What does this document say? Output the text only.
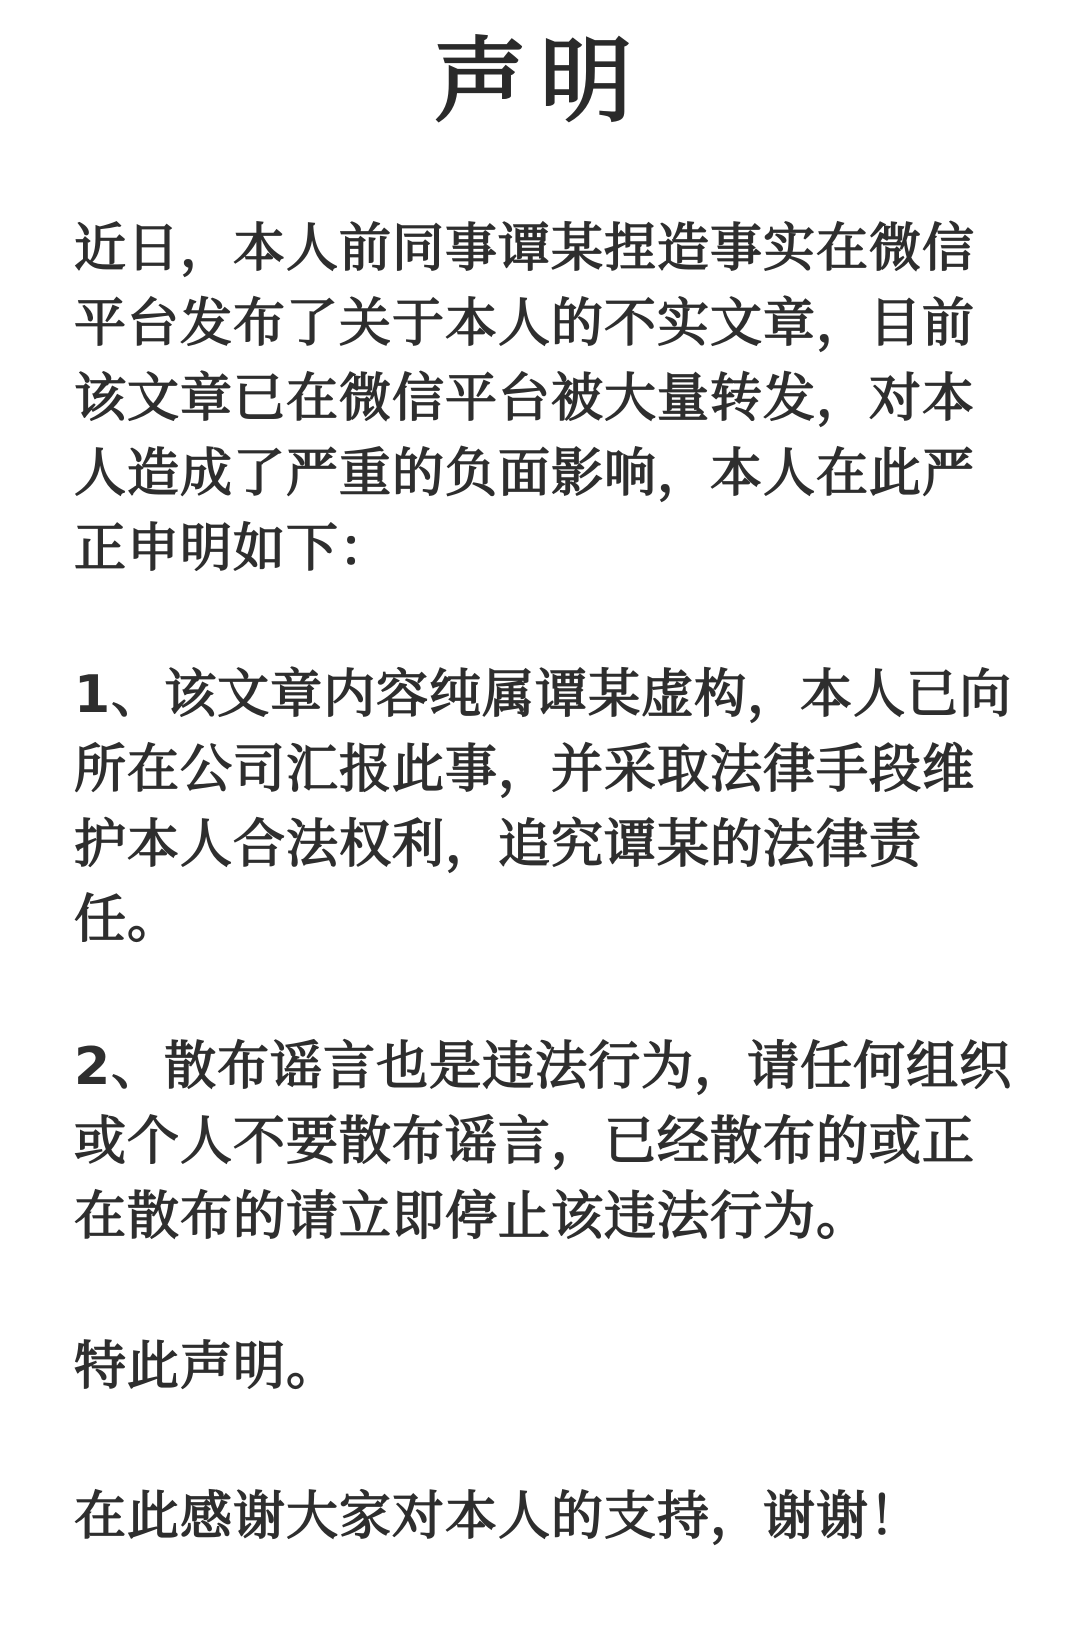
声明

近日，本人前同事谭某捏造事实在微信平台发布了关于本人的不实文章，目前该文章已在微信平台被大量转发，对本人造成了严重的负面影响，本人在此严正申明如下：

1、该文章内容纯属谭某虚构，本人已向所在公司汇报此事，并采取法律手段维护本人合法权利，追究谭某的法律责任。

2、散布谣言也是违法行为，请任何组织或个人不要散布谣言，已经散布的或正在散布的请立即停止该违法行为。

特此声明。

在此感谢大家对本人的支持，谢谢！
